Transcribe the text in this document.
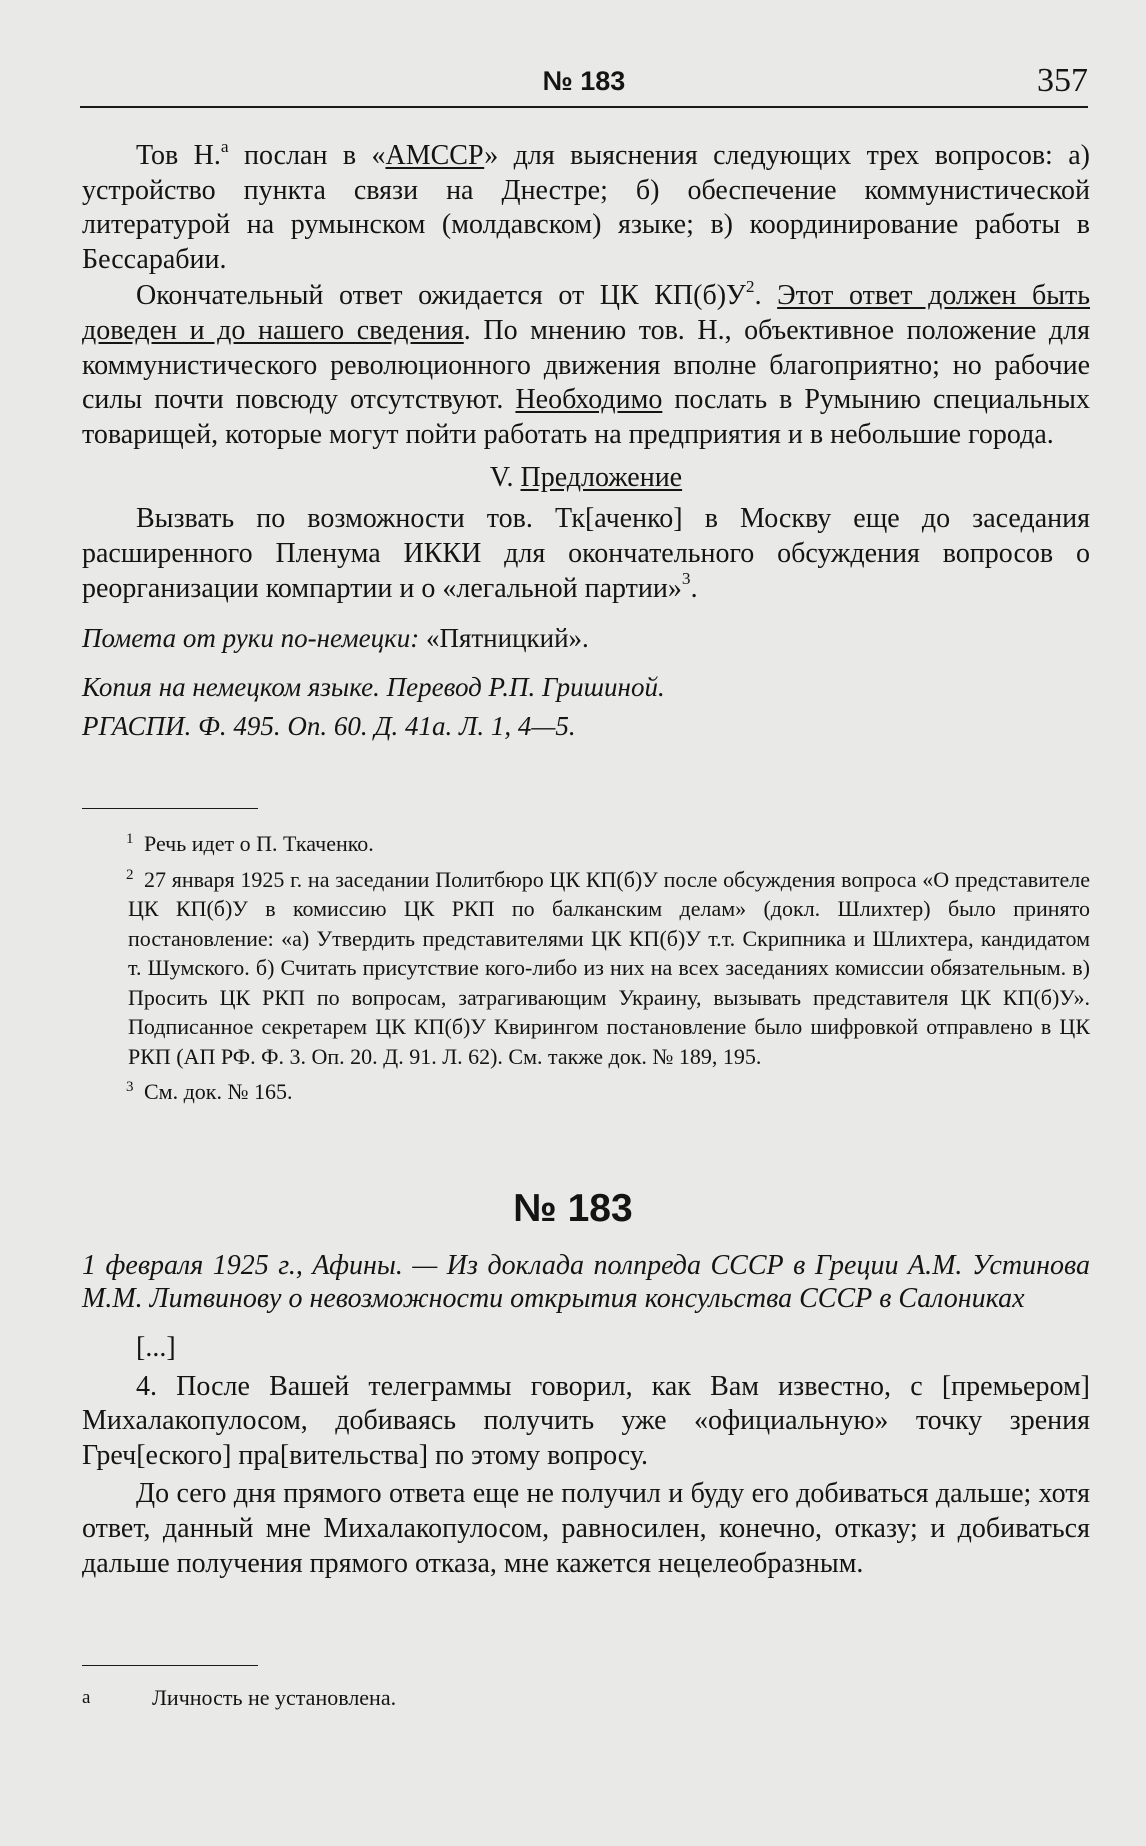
№ 183	357

Тов Н.$^а$ послан в «АМССР» для выяснения следующих трех вопросов: а) устройство пункта связи на Днестре; б) обеспечение коммунистической литературой на румынском (молдавском) языке; в) координирование работы в Бессарабии.

Окончательный ответ ожидается от ЦК $КП(б)У^2$. Этот ответ должен быть доведен и до нашего сведения. По мнению тов. Н., объективное положение для коммунистического революционного движения вполне благоприятно; но рабочие силы почти повсюду отсутствуют. Необходимо послать в Румынию специальных товарищей, которые могут пойти работать на предприятия и в небольшие города.

V. Предложение

Вызвать по возможности тов. Тк[аченко] в Москву еще до заседания расширенного Пленума ИККИ для окончательного обсуждения вопросов о реорганизации компартии и о «легальной партии»$^3$.

Помета от руки по-немецки: «Пятницкий».

Копия на немецком языке. Перевод Р.П. Гришиной.

РГАСПИ. Ф. 495. Оп. 60. Д. 41а. Л. 1, 4—5.

1 Речь идет о П. Ткаченко.

2 27 января 1925 г. на заседании Политбюро ЦК КП(б)У после обсуждения вопроса «О представителе ЦК КП(б)У в комиссию ЦК РКП по балканским делам» (докл. Шлихтер) было принято постановление: «а) Утвердить представителями ЦК КП(б)У т.т. Скрипника и Шлихтера, кандидатом т. Шумского. б) Считать присутствие кого-либо из них на всех заседаниях комиссии обязательным. в) Просить ЦК РКП по вопросам, затрагивающим Украину, вызывать представителя ЦК КП(б)У». Подписанное секретарем ЦК КП(б)У Квирингом постановление было шифровкой отправлено в ЦК РКП (АП РФ. Ф. 3. Оп. 20. Д. 91. Л. 62). См. также док. № 189, 195.

3 См. док. № 165.

№ 183

1 февраля 1925 г., Афины. — Из доклада полпреда СССР в Греции А.М. Устинова М.М. Литвинову о невозможности открытия консульства СССР в Салониках

[...]

4. После Вашей телеграммы говорил, как Вам известно, с [премьером] Михалакопулосом, добиваясь получить уже «официальную» точку зрения Греч[еского] пра[вительства] по этому вопросу.

До сего дня прямого ответа еще не получил и буду его добиваться дальше; хотя ответ, данный мне Михалакопулосом, равносилен, конечно, отказу; и добиваться дальше получения прямого отказа, мне кажется нецелеобразным.

а	Личность не установлена.
